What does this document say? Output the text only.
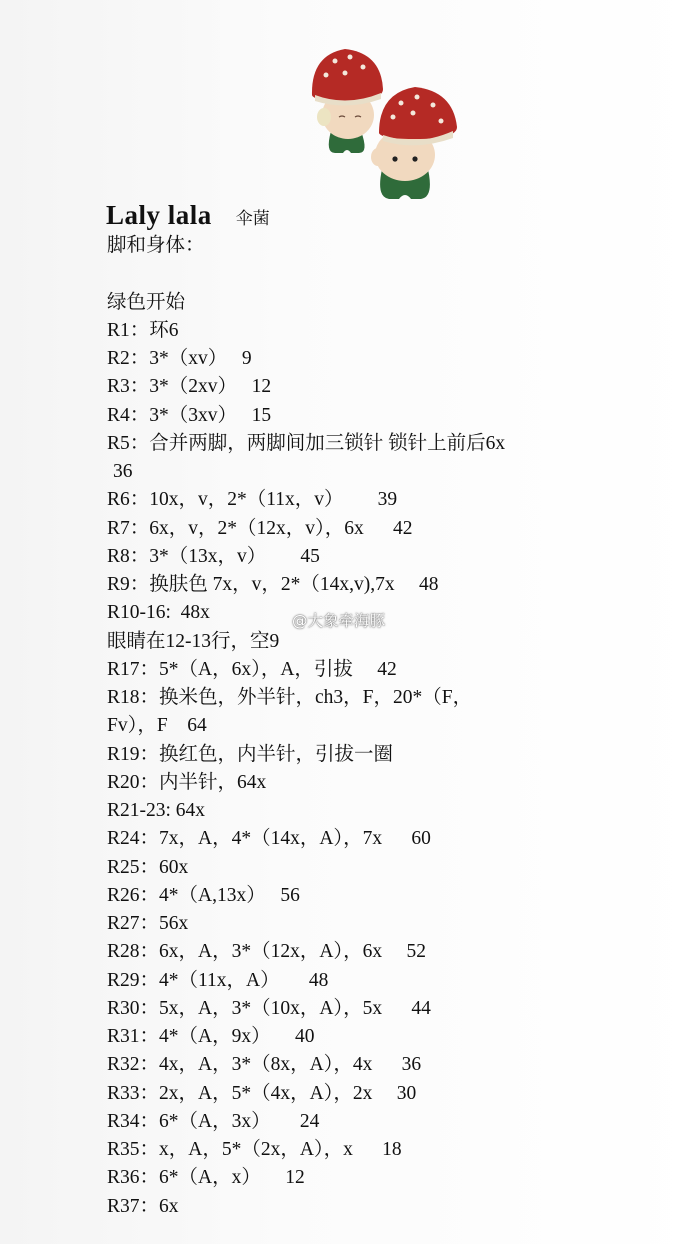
Laly lala 伞菌
脚和身体：
绿色开始
R1：环6
R2：3*（xv）   9
R3：3*（2xv）   12
R4：3*（3xv）   15
R5：合并两脚，两脚间加三锁针 锁针上前后6x
36
R6：10x，v，2*（11x，v）       39
R7：6x，v，2*（12x，v），6x      42
R8：3*（13x，v）       45
R9：换肤色 7x，v，2*（14x,v),7x     48
R10-16:  48x
眼睛在12-13行，空9
R17：5*（A，6x），A，引拔     42
R18：换米色，外半针，ch3，F，20*（F，
Fv），F    64
R19：换红色，内半针，引拔一圈
R20：内半针，64x
R21-23: 64x
R24：7x，A，4*（14x，A），7x      60
R25：60x
R26：4*（A,13x）   56
R27：56x
R28：6x，A，3*（12x，A），6x     52
R29：4*（11x，A）      48
R30：5x，A，3*（10x，A），5x      44
R31：4*（A，9x）     40
R32：4x，A，3*（8x，A），4x      36
R33：2x，A，5*（4x，A），2x     30
R34：6*（A，3x）      24
R35：x，A，5*（2x，A），x      18
R36：6*（A，x）     12
R37：6x
@大象牵海豚
